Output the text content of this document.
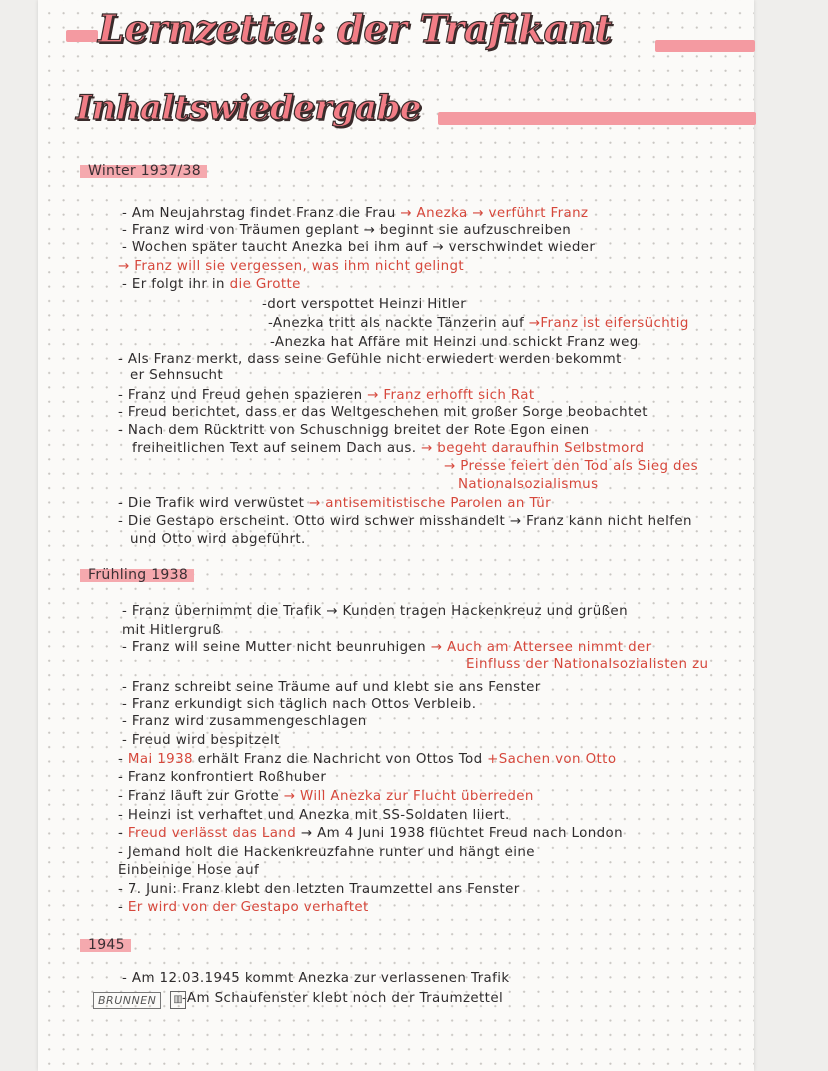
Lernzettel: der Trafikant
Inhaltswiedergabe
Winter 1937/38
- Am Neujahrstag findet Franz die Frau → Anezka → verführt Franz
- Franz wird von Träumen geplant → beginnt sie aufzuschreiben
- Wochen später taucht Anezka bei ihm auf → verschwindet wieder
→ Franz will sie vergessen, was ihm nicht gelingt
- Er folgt ihr in die Grotte
-dort verspottet Heinzi Hitler
-Anezka tritt als nackte Tänzerin auf →Franz ist eifersüchtig
-Anezka hat Affäre mit Heinzi und schickt Franz weg
- Als Franz merkt, dass seine Gefühle nicht erwiedert werden bekommt
er Sehnsucht
- Franz und Freud gehen spazieren → Franz erhofft sich Rat
- Freud berichtet, dass er das Weltgeschehen mit großer Sorge beobachtet
- Nach dem Rücktritt von Schuschnigg breitet der Rote Egon einen
freiheitlichen Text auf seinem Dach aus. → begeht daraufhin Selbstmord
→ Presse feiert den Tod als Sieg des
Nationalsozialismus
- Die Trafik wird verwüstet → antisemitistische Parolen an Tür
- Die Gestapo erscheint. Otto wird schwer misshandelt → Franz kann nicht helfen
und Otto wird abgeführt.
Frühling 1938
- Franz übernimmt die Trafik → Kunden tragen Hackenkreuz und grüßen
mit Hitlergruß
- Franz will seine Mutter nicht beunruhigen → Auch am Attersee nimmt der
Einfluss der Nationalsozialisten zu
- Franz schreibt seine Träume auf und klebt sie ans Fenster
- Franz erkundigt sich täglich nach Ottos Verbleib.
- Franz wird zusammengeschlagen
- Freud wird bespitzelt
- Mai 1938 erhält Franz die Nachricht von Ottos Tod +Sachen von Otto
- Franz konfrontiert Roßhuber
- Franz läuft zur Grotte → Will Anezka zur Flucht überreden
- Heinzi ist verhaftet und Anezka mit SS-Soldaten liiert.
- Freud verlässt das Land → Am 4 Juni 1938 flüchtet Freud nach London
- Jemand holt die Hackenkreuzfahne runter und hängt eine
Einbeinige Hose auf
- 7. Juni: Franz klebt den letzten Traumzettel ans Fenster
- Er wird von der Gestapo verhaftet
1945
- Am 12.03.1945 kommt Anezka zur verlassenen Trafik
-Am Schaufenster klebt noch der Traumzettel
BRUNNEN	▥
